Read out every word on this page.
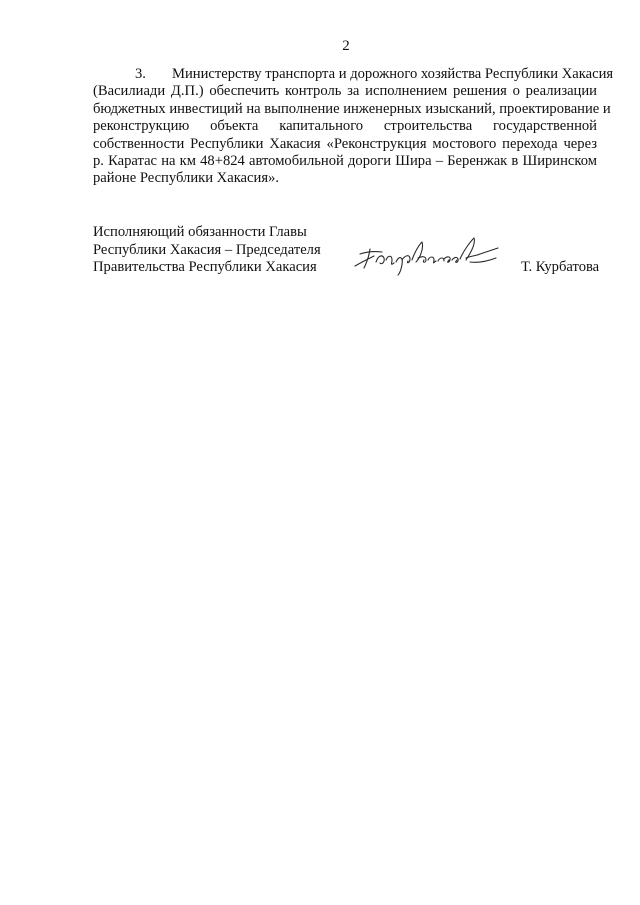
2
3. Министерству транспорта и дорожного хозяйства Республики Хакасия
(Василиади Д.П.) обеспечить контроль за исполнением решения о реализации
бюджетных инвестиций на выполнение инженерных изысканий, проектирование и
реконструкцию объекта капитального строительства государственной
собственности Республики Хакасия «Реконструкция мостового перехода через
р. Каратас на км 48+824 автомобильной дороги Шира – Беренжак в Ширинском
районе Республики Хакасия».
Исполняющий обязанности Главы
Республики Хакасия – Председателя
Правительства Республики Хакасия	Т. Курбатова
